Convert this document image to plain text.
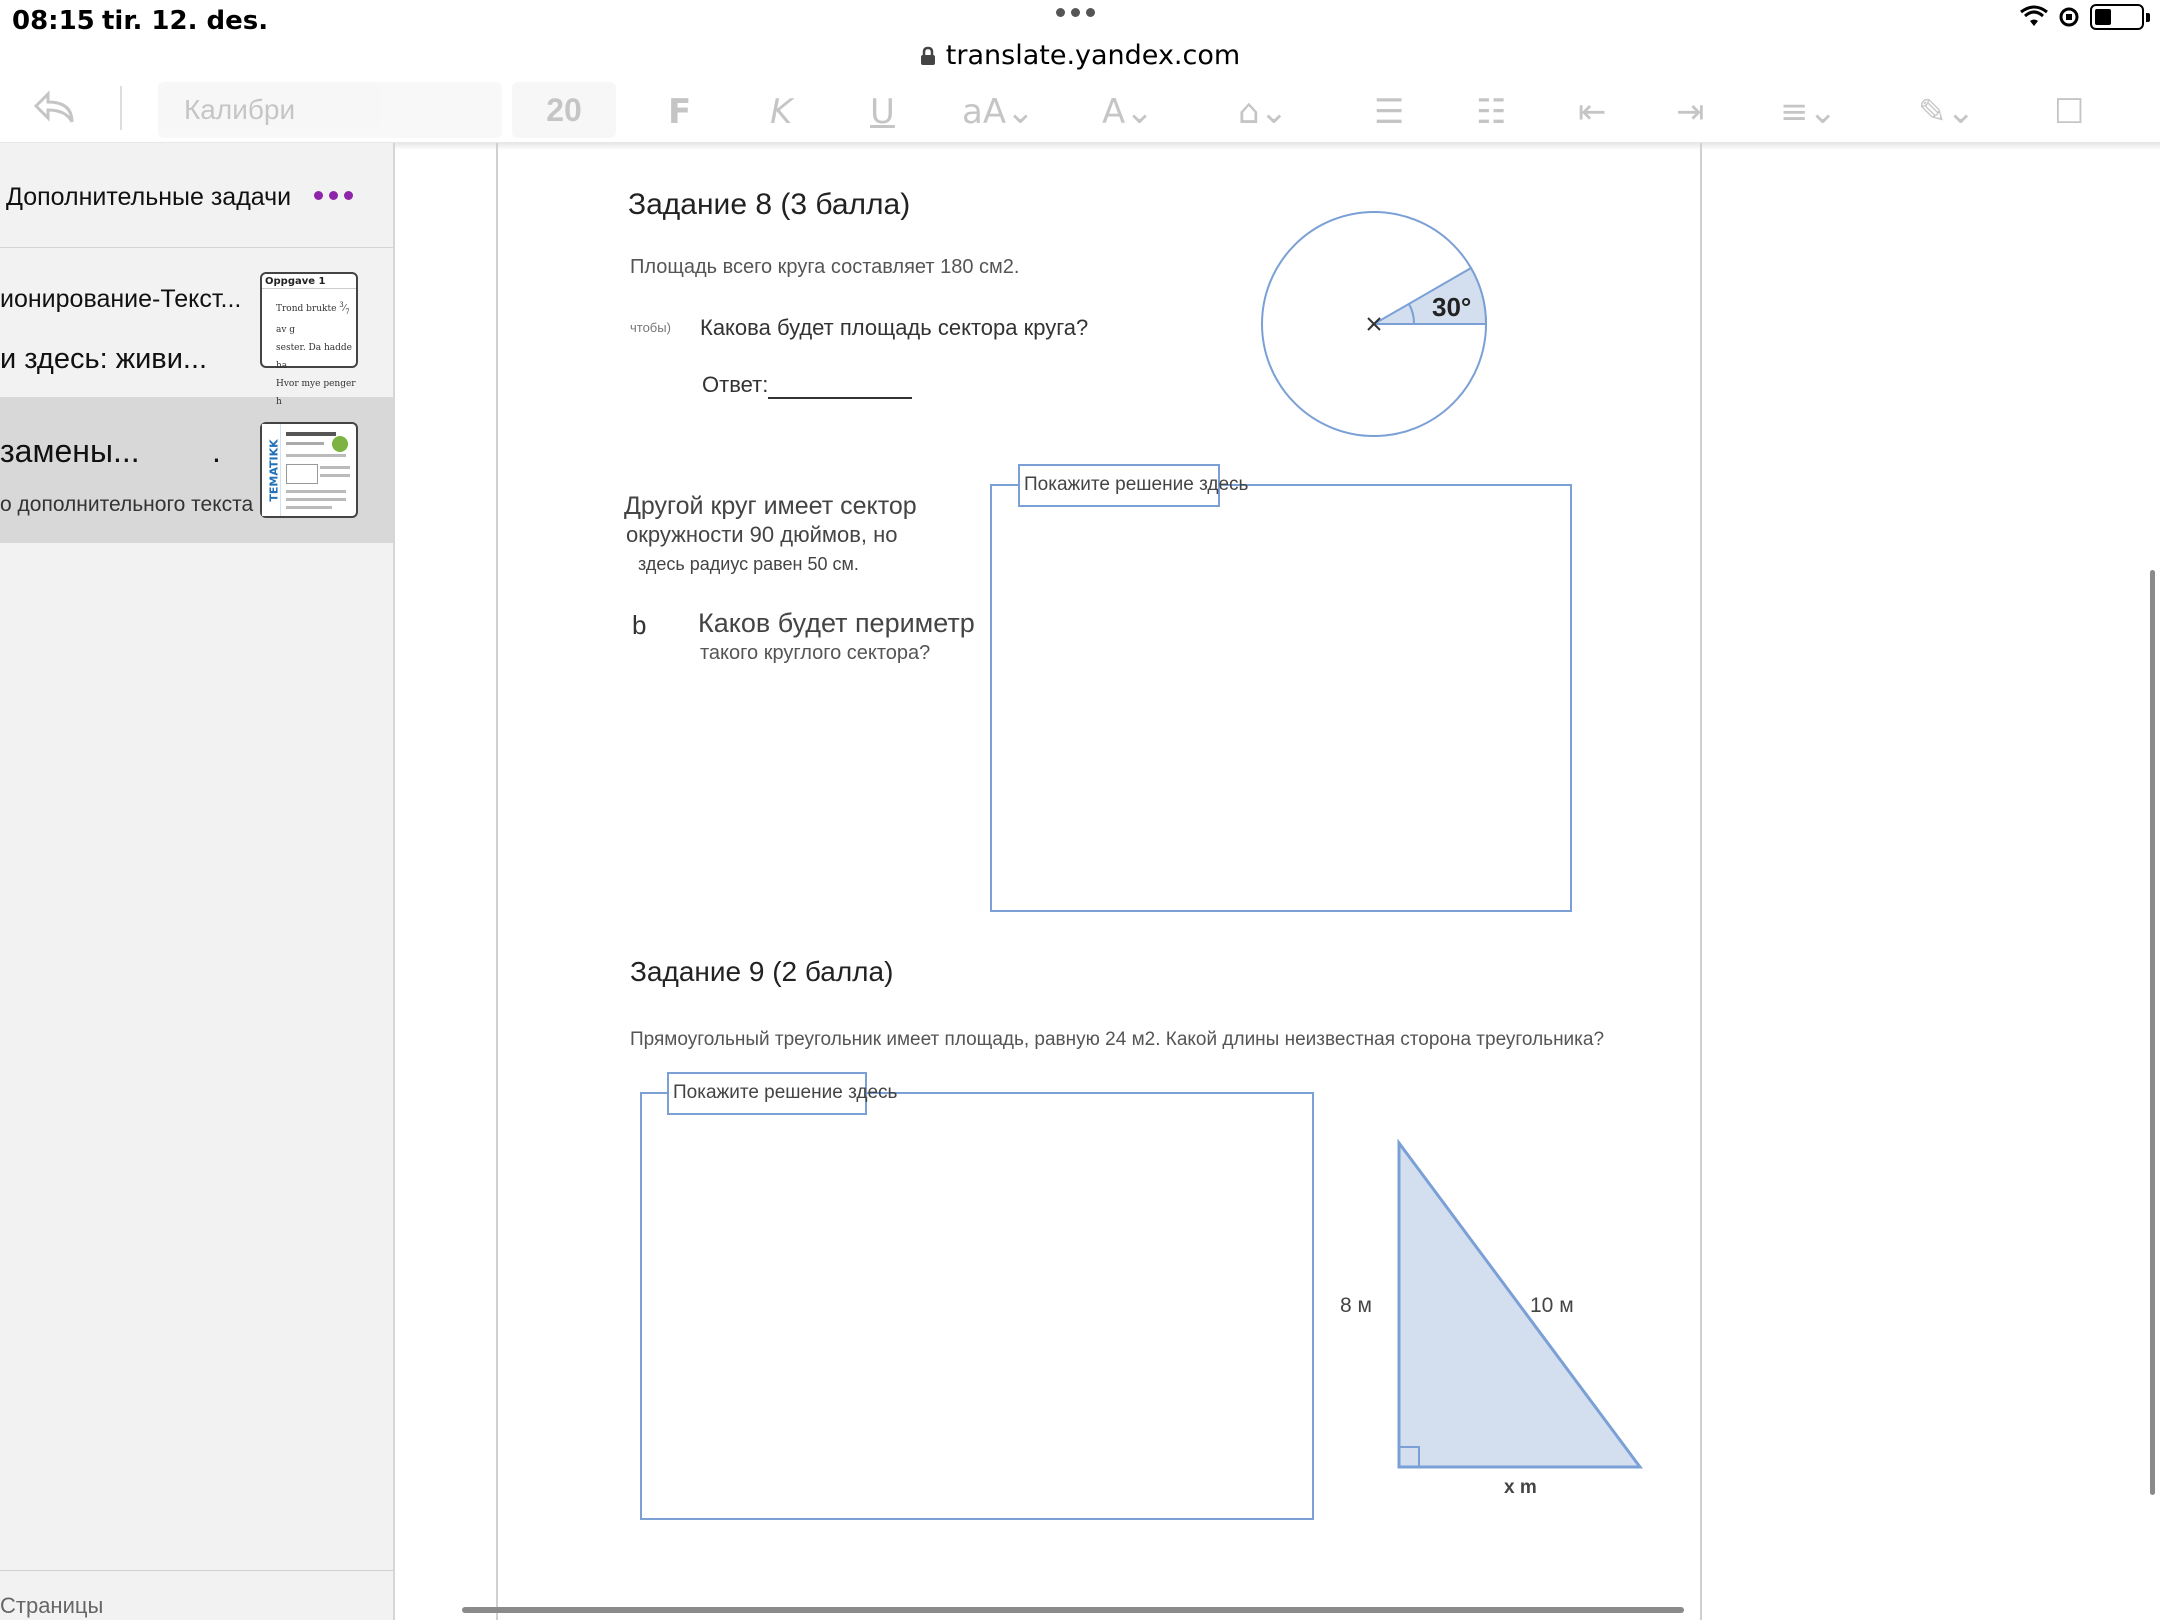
08:15 tir. 12. des.
translate.yandex.com
Калибри	20	F K U aA⌄ A⌄ ⌂⌄	☰ ☷ ⇤ ⇥ ≡⌄ ✎⌄ ☐
Дополнительные задачи
ионирование-Текст...
и здесь: живи...
замены... .
о дополнительного текста
Oppgave 1
Trond brukte $^3⁄_7$ av g
sester. Da hadde ha
Hvor mye penger h
TEMATIKK
Страницы
Задание 8 (3 балла)
Площадь всего круга составляет 180 см2.
чтобы) Какова будет площадь сектора круга?
Ответ:
30°
Покажите решение здесь
Другой круг имеет сектор
окружности 90 дюймов, но
здесь радиус равен 50 см.
b Каков будет периметр
такого круглого сектора?
Задание 9 (2 балла)
Прямоугольный треугольник имеет площадь, равную 24 м2. Какой длины неизвестная сторона треугольника?
Покажите решение здесь
8 м	10 м
x m
